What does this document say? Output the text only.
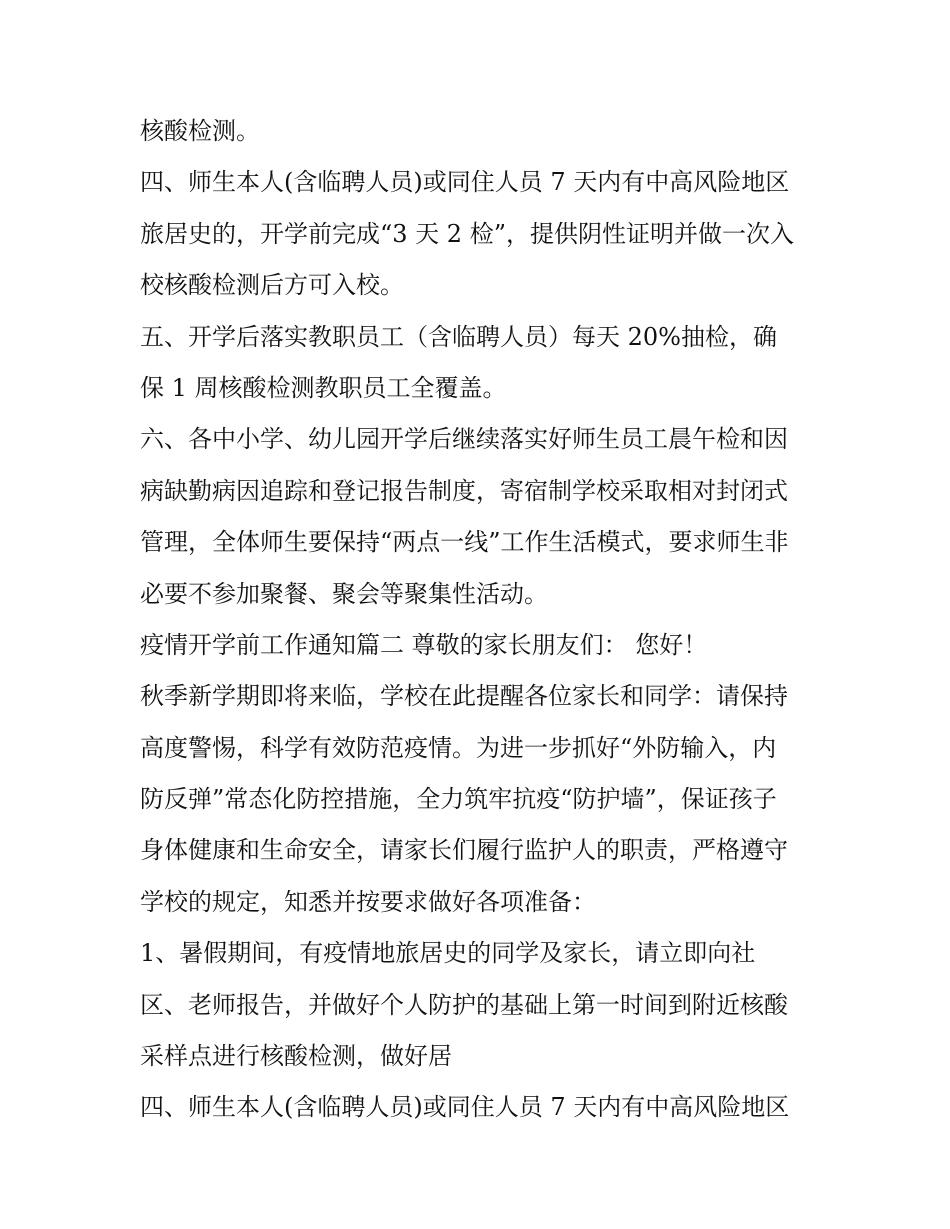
核酸检测。
四、师生本人(含临聘人员)或同住人员 7 天内有中高风险地区
旅居史的，开学前完成“3 天 2 检”，提供阴性证明并做一次入
校核酸检测后方可入校。
五、开学后落实教职员工（含临聘人员）每天 20%抽检，确
保 1 周核酸检测教职员工全覆盖。
六、各中小学、幼儿园开学后继续落实好师生员工晨午检和因
病缺勤病因追踪和登记报告制度，寄宿制学校采取相对封闭式
管理，全体师生要保持“两点一线”工作生活模式，要求师生非
必要不参加聚餐、聚会等聚集性活动。
疫情开学前工作通知篇二 尊敬的家长朋友们： 您好！
秋季新学期即将来临，学校在此提醒各位家长和同学：请保持
高度警惕，科学有效防范疫情。为进一步抓好“外防输入，内
防反弹”常态化防控措施，全力筑牢抗疫“防护墙”，保证孩子
身体健康和生命安全，请家长们履行监护人的职责，严格遵守
学校的规定，知悉并按要求做好各项准备：
1、暑假期间，有疫情地旅居史的同学及家长，请立即向社
区、老师报告，并做好个人防护的基础上第一时间到附近核酸
采样点进行核酸检测，做好居
四、师生本人(含临聘人员)或同住人员 7 天内有中高风险地区
